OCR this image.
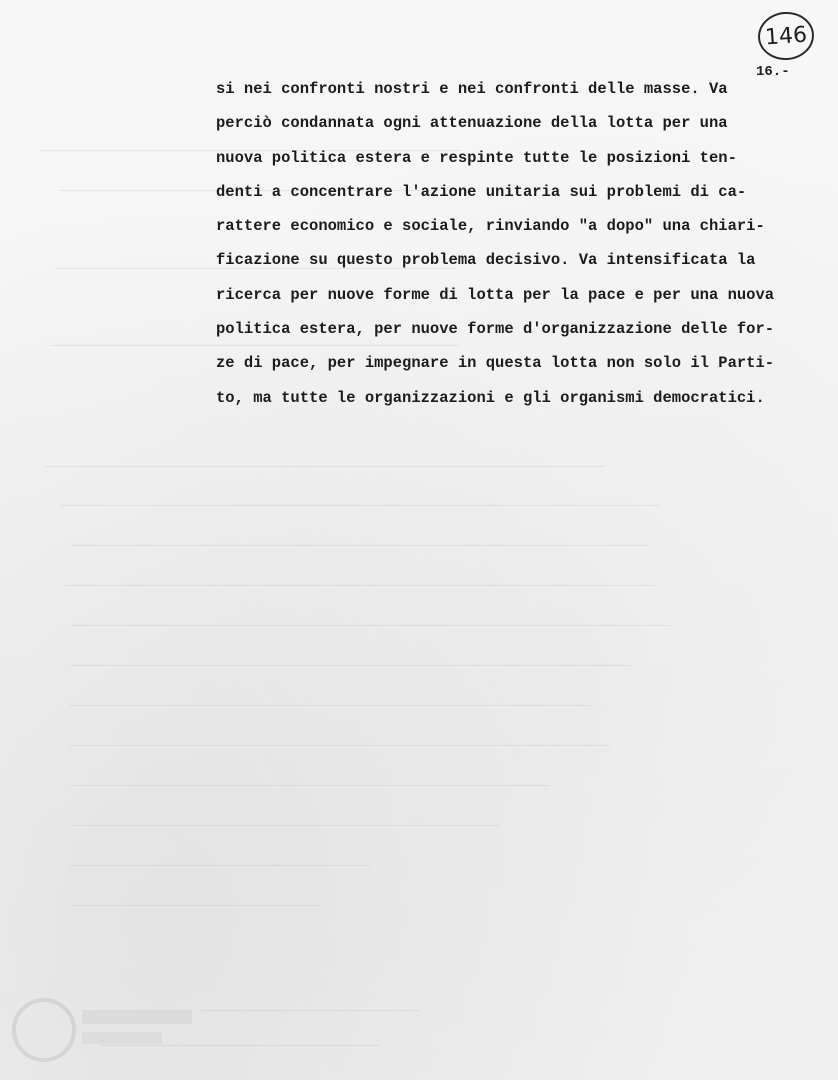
146
16.-
si nei confronti nostri e nei confronti delle masse. Va
perciò condannata ogni attenuazione della lotta per una
nuova politica estera e respinte tutte le posizioni ten-
denti a concentrare l'azione unitaria sui problemi di ca-
rattere economico e sociale, rinviando "a dopo" una chiari-
ficazione su questo problema decisivo. Va intensificata la
ricerca per nuove forme di lotta per la pace e per una nuova
politica estera, per nuove forme d'organizzazione delle for-
ze di pace, per impegnare in questa lotta non solo il Parti-
to, ma tutte le organizzazioni e gli organismi democratici.
